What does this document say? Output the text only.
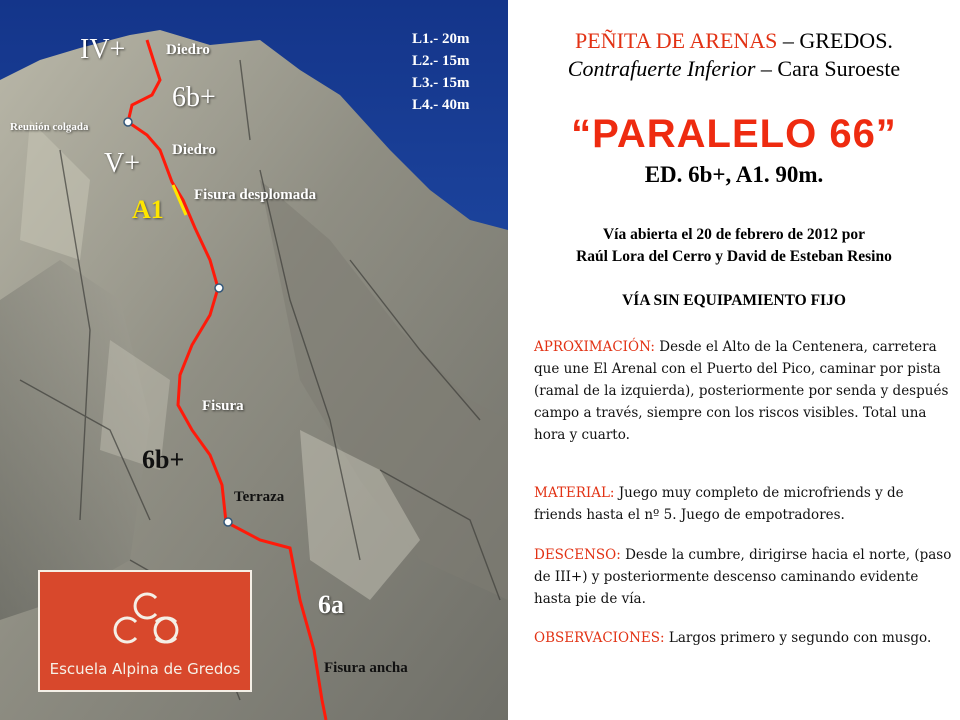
IV+	Diedro
6b+
Reunión colgada
V+ Diedro
A1 Fisura desplomada
Fisura
6b+
Terraza
6a
Fisura ancha
L1.- 20m
L2.- 15m
L3.- 15m
L4.- 40m
Escuela Alpina de Gredos
PEÑITA DE ARENAS – GREDOS.
Contrafuerte Inferior – Cara Suroeste
“PARALELO 66”
ED. 6b+, A1. 90m.
Vía abierta el 20 de febrero de 2012 por
Raúl Lora del Cerro y David de Esteban Resino
VÍA SIN EQUIPAMIENTO FIJO
APROXIMACIÓN: Desde el Alto de la Centenera, carretera que une El Arenal con el Puerto del Pico, caminar por pista (ramal de la izquierda), posteriormente por senda y después campo a través, siempre con los riscos visibles. Total una hora y cuarto.
MATERIAL: Juego muy completo de microfriends y de friends hasta el nº 5. Juego de empotradores.
DESCENSO: Desde la cumbre, dirigirse hacia el norte, (paso de III+) y posteriormente descenso caminando evidente hasta pie de vía.
OBSERVACIONES: Largos primero y segundo con musgo.
